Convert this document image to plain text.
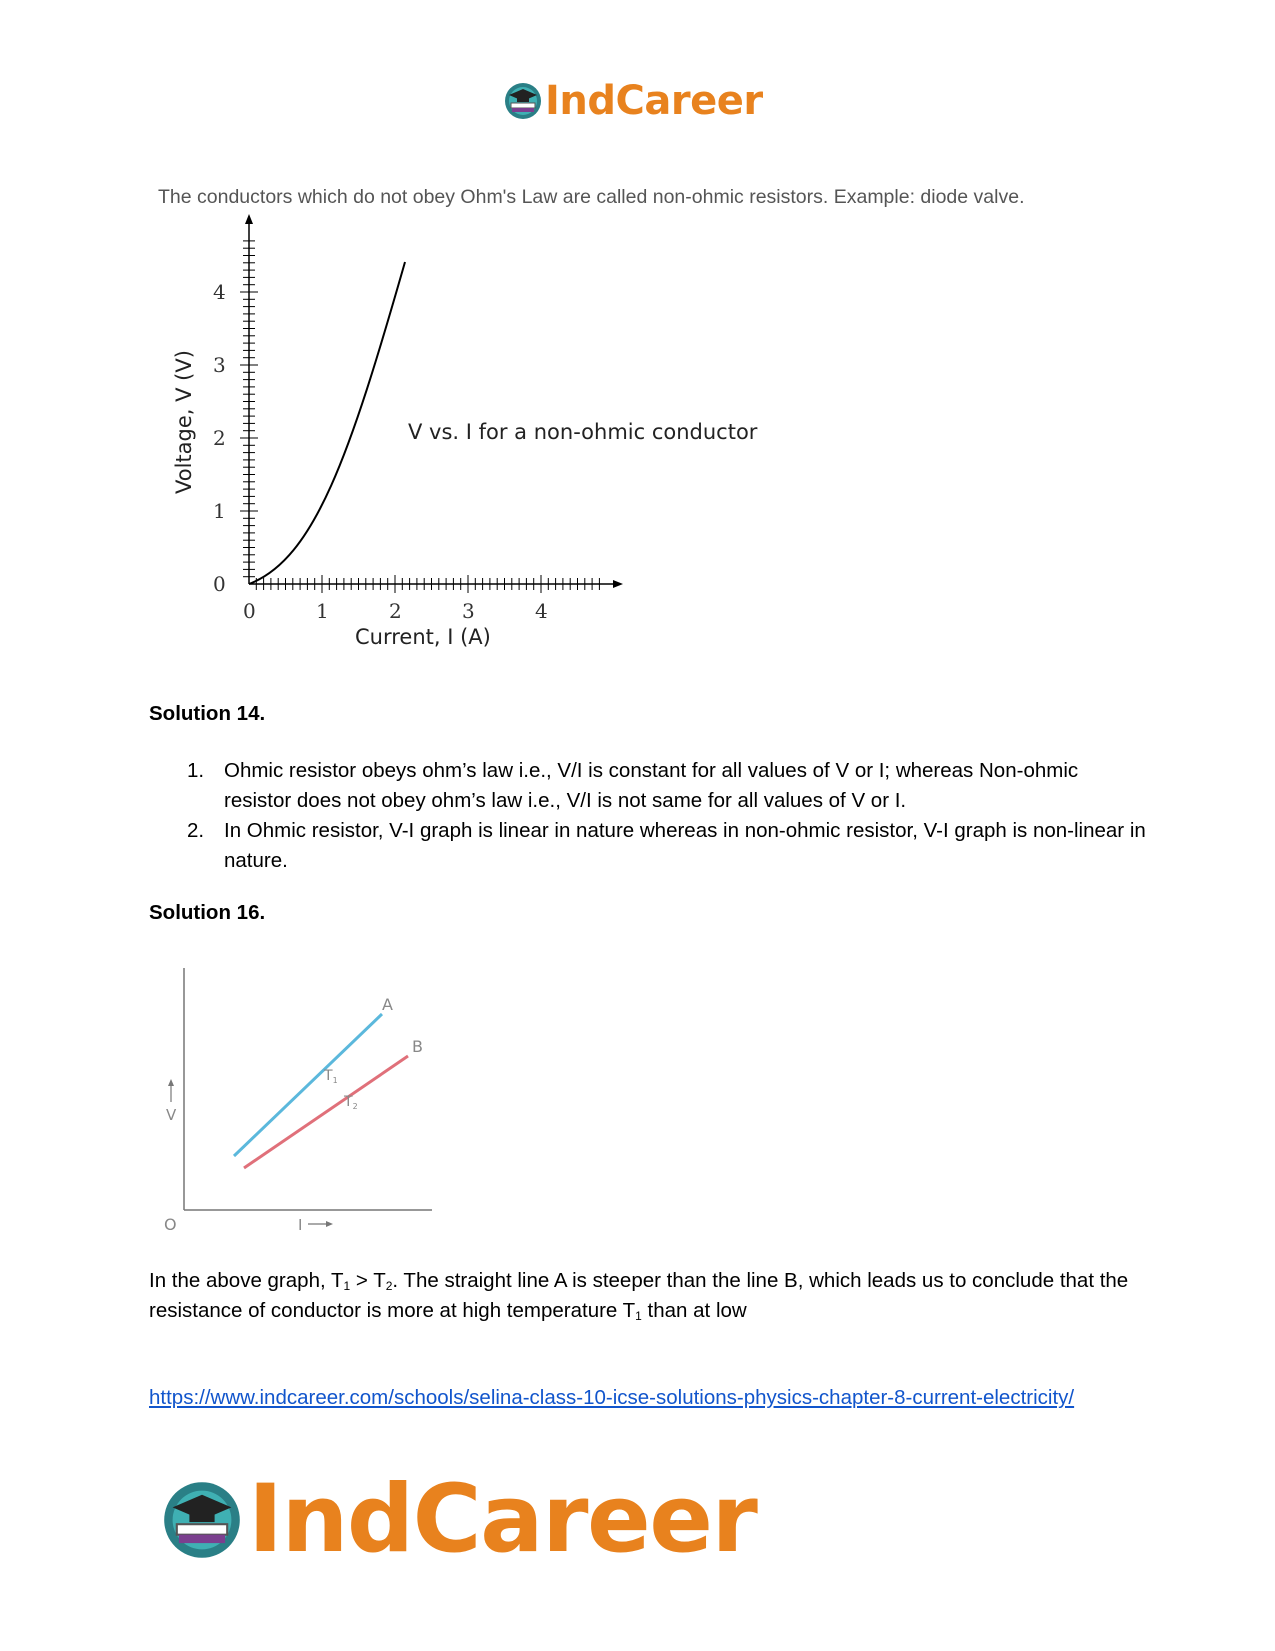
IndCareer
The conductors which do not obey Ohm's Law are called non-ohmic resistors. Example: diode valve.
0
1
2
3
4
0	1	2	3	4
Current, I (A)
Voltage, V (V)	V vs. I for a non-ohmic conductor
Solution 14.
1. Ohmic resistor obeys ohm’s law i.e., V/I is constant for all values of V or I; whereas Non-ohmic resistor does not obey ohm’s law i.e., V/I is not same for all values of V or I.
2. In Ohmic resistor, V-I graph is linear in nature whereas in non-ohmic resistor, V-I graph is non-linear in nature.
Solution 16.
A
B
$T_1$
$T_2$
V
O	I
In the above graph, $T_1 > T_2$. The straight line A is steeper than the line B, which leads us to conclude that the resistance of conductor is more at high temperature $T_1$ than at low
https://www.indcareer.com/schools/selina-class-10-icse-solutions-physics-chapter-8-current-electricity/
IndCareer
